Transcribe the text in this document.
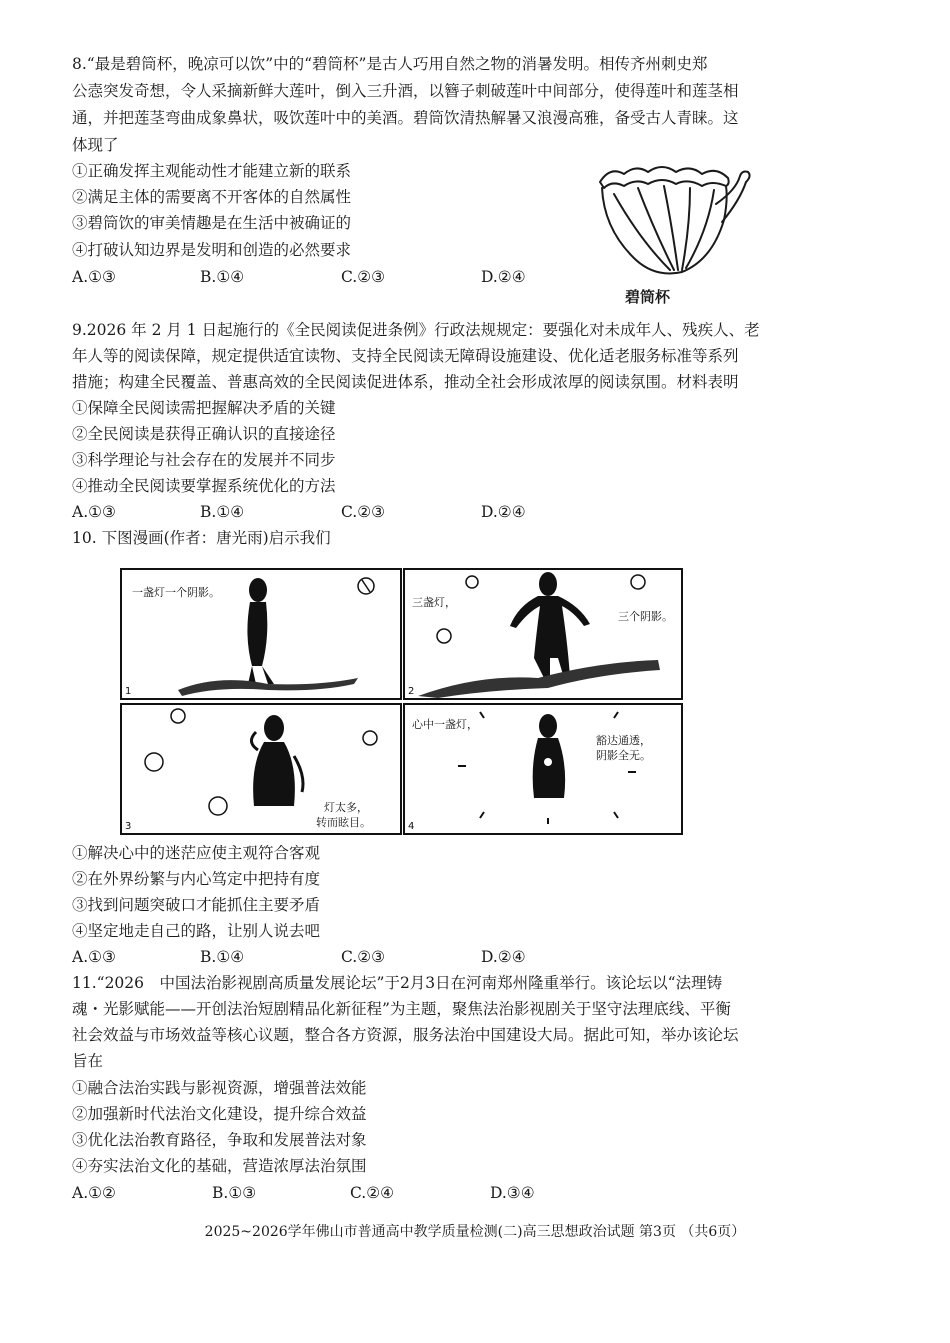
8.“最是碧筒杯，晚凉可以饮”中的“碧筒杯”是古人巧用自然之物的消暑发明。相传齐州刺史郑

公悫突发奇想，令人采摘新鲜大莲叶，倒入三升酒，以簪子刺破莲叶中间部分，使得莲叶和莲茎相

通，并把莲茎弯曲成象鼻状，吸饮莲叶中的美酒。碧筒饮清热解暑又浪漫高雅，备受古人青睐。这

体现了

①正确发挥主观能动性才能建立新的联系

②满足主体的需要离不开客体的自然属性

③碧筒饮的审美情趣是在生活中被确证的

④打破认知边界是发明和创造的必然要求

A.①③	B.①④	C.②③	D.②④
碧筒杯

9.2026 年 2 月 1 日起施行的《全民阅读促进条例》行政法规规定：要强化对未成年人、残疾人、老

年人等的阅读保障，规定提供适宜读物、支持全民阅读无障碍设施建设、优化适老服务标准等系列

措施；构建全民覆盖、普惠高效的全民阅读促进体系，推动全社会形成浓厚的阅读氛围。材料表明

①保障全民阅读需把握解决矛盾的关键

②全民阅读是获得正确认识的直接途径

③科学理论与社会存在的发展并不同步

④推动全民阅读要掌握系统优化的方法

A.①③	B.①④	C.②③	D.②④

10. 下图漫画(作者：唐光雨)启示我们

一盏灯一个阴影。
1
三盏灯，
三个阴影。
2
灯太多，
转而眩目。
3
心中一盏灯，
豁达通透，
阴影全无。
4

①解决心中的迷茫应使主观符合客观

②在外界纷繁与内心笃定中把持有度

③找到问题突破口才能抓住主要矛盾

④坚定地走自己的路，让别人说去吧

A.①③	B.①④	C.②③	D.②④

11.“2026　中国法治影视剧高质量发展论坛”于2月3日在河南郑州隆重举行。该论坛以“法理铸

魂・光影赋能——开创法治短剧精品化新征程”为主题，聚焦法治影视剧关于坚守法理底线、平衡

社会效益与市场效益等核心议题，整合各方资源，服务法治中国建设大局。据此可知，举办该论坛

旨在

①融合法治实践与影视资源，增强普法效能

②加强新时代法治文化建设，提升综合效益

③优化法治教育路径，争取和发展普法对象

④夯实法治文化的基础，营造浓厚法治氛围

A.①②	B.①③	C.②④	D.③④
2025~2026学年佛山市普通高中教学质量检测(二)高三思想政治试题 第3页 （共6页）
